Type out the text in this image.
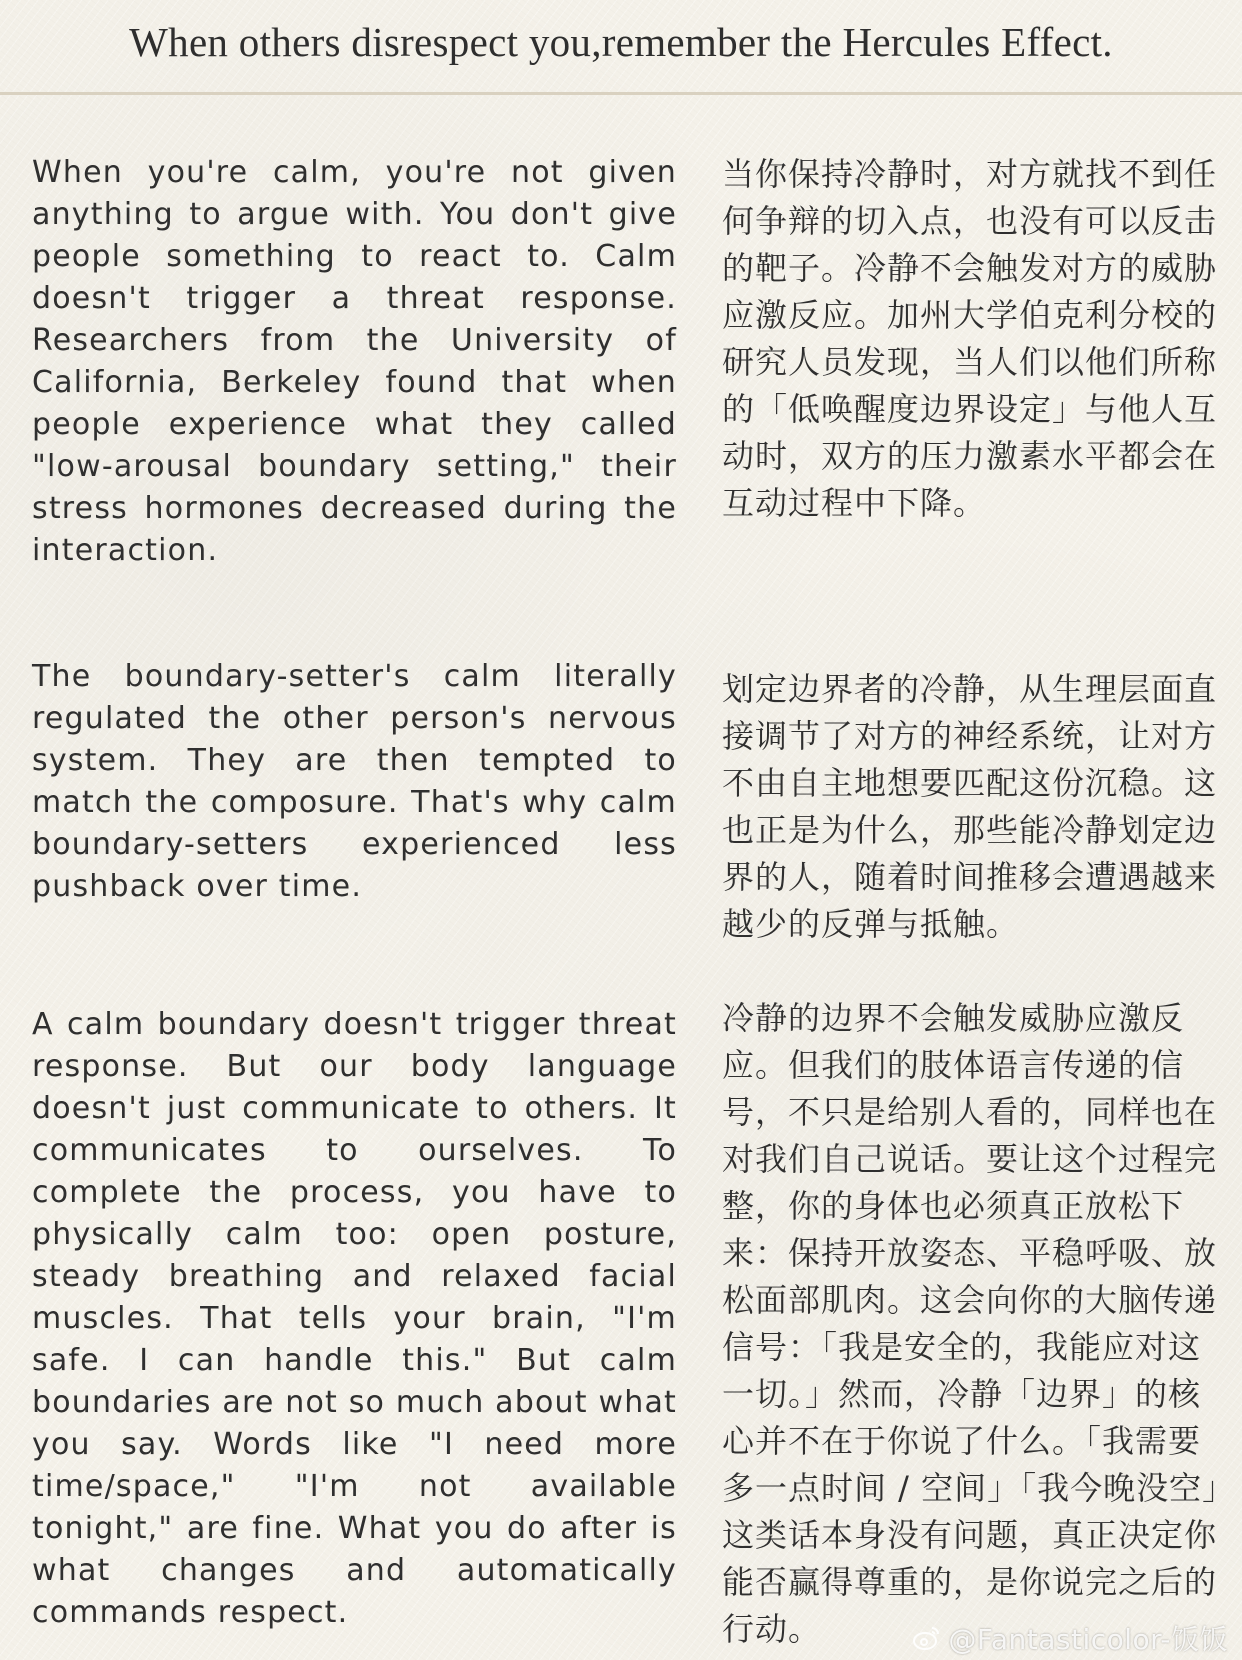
When others disrespect you,remember the Hercules Effect.

When you're calm, you're not given anything to argue with. You don't give people something to react to. Calm doesn't trigger a threat response. Researchers from the University of California, Berkeley found that when people experience what they called "low-arousal boundary setting," their stress hormones decreased during the interaction.

当你保持冷静时，对方就找不到任何争辩的切入点，也没有可以反击的靶子。冷静不会触发对方的威胁应激反应。加州大学伯克利分校的研究人员发现，当人们以他们所称的「低唤醒度边界设定」与他人互动时，双方的压力激素水平都会在互动过程中下降。

The boundary-setter's calm literally regulated the other person's nervous system. They are then tempted to match the composure. That's why calm boundary-setters experienced less pushback over time.

划定边界者的冷静，从生理层面直接调节了对方的神经系统，让对方不由自主地想要匹配这份沉稳。这也正是为什么，那些能冷静划定边界的人，随着时间推移会遭遇越来越少的反弹与抵触。

A calm boundary doesn't trigger threat response. But our body language doesn't just communicate to others. It communicates to ourselves. To complete the process, you have to physically calm too: open posture, steady breathing and relaxed facial muscles. That tells your brain, "I'm safe. I can handle this." But calm boundaries are not so much about what you say. Words like "I need more time/space," "I'm not available tonight," are fine. What you do after is what changes and automatically commands respect.

冷静的边界不会触发威胁应激反应。但我们的肢体语言传递的信号，不只是给别人看的，同样也在对我们自己说话。要让这个过程完整，你的身体也必须真正放松下来：保持开放姿态、平稳呼吸、放松面部肌肉。这会向你的大脑传递信号：「我是安全的，我能应对这一切。」然而，冷静「边界」的核心并不在于你说了什么。「我需要多一点时间 / 空间」「我今晚没空」这类话本身没有问题，真正决定你能否赢得尊重的，是你说完之后的行动。	@Fantasticolor-饭饭
